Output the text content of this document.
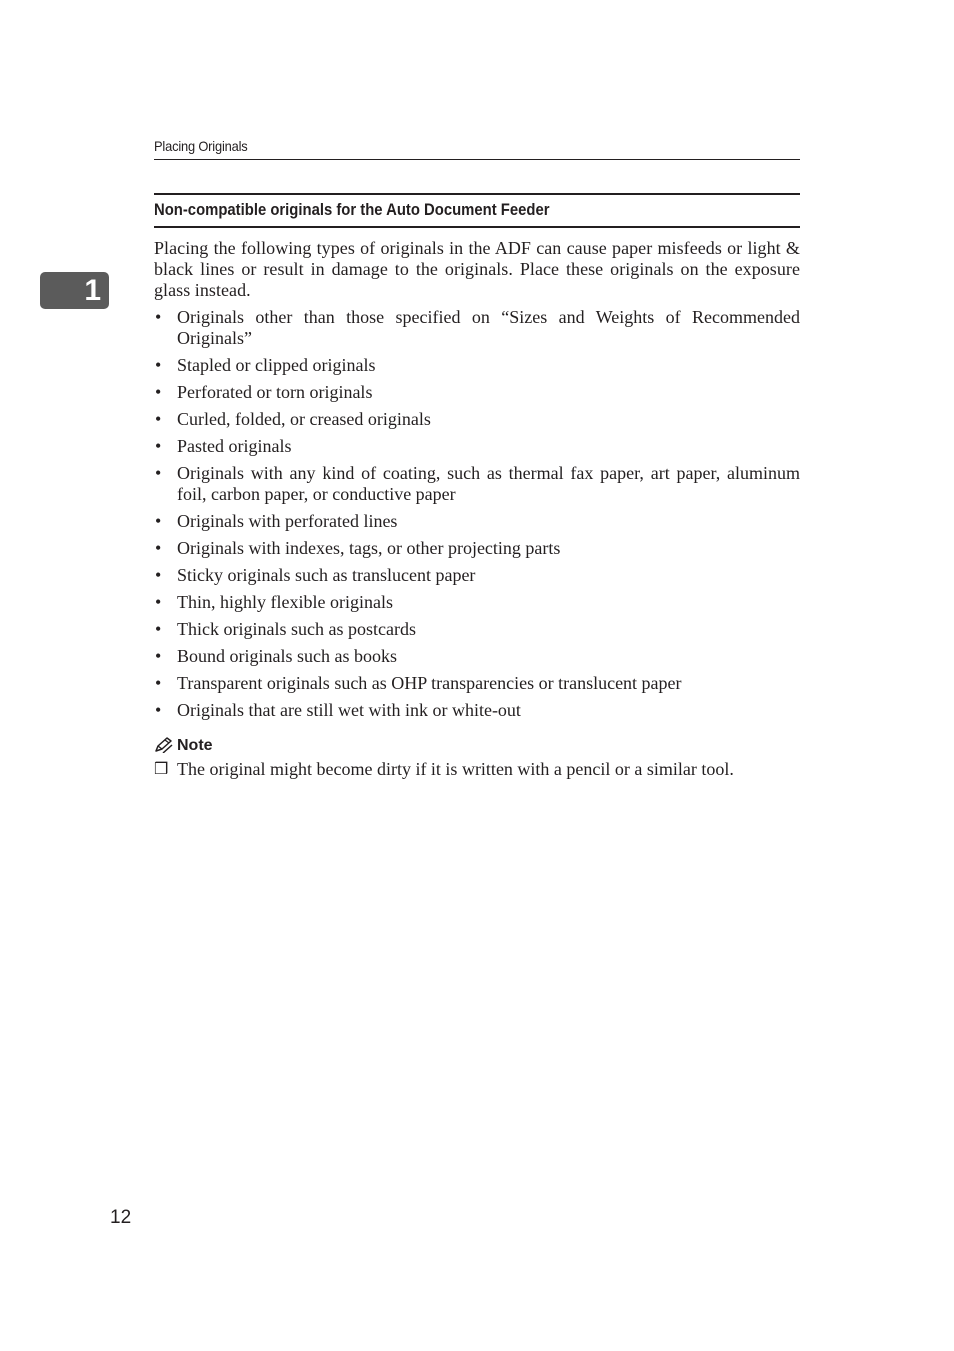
Placing Originals
1
Non-compatible originals for the Auto Document Feeder

Placing the following types of originals in the ADF can cause paper misfeeds or light & black lines or result in damage to the originals. Place these originals on the exposure glass instead.

• Originals other than those specified on “Sizes and Weights of Recommended Originals”
• Stapled or clipped originals
• Perforated or torn originals
• Curled, folded, or creased originals
• Pasted originals
• Originals with any kind of coating, such as thermal fax paper, art paper, aluminum foil, carbon paper, or conductive paper
• Originals with perforated lines
• Originals with indexes, tags, or other projecting parts
• Sticky originals such as translucent paper
• Thin, highly flexible originals
• Thick originals such as postcards
• Bound originals such as books
• Transparent originals such as OHP transparencies or translucent paper
• Originals that are still wet with ink or white-out
Note
❒ The original might become dirty if it is written with a pencil or a similar tool.
12
